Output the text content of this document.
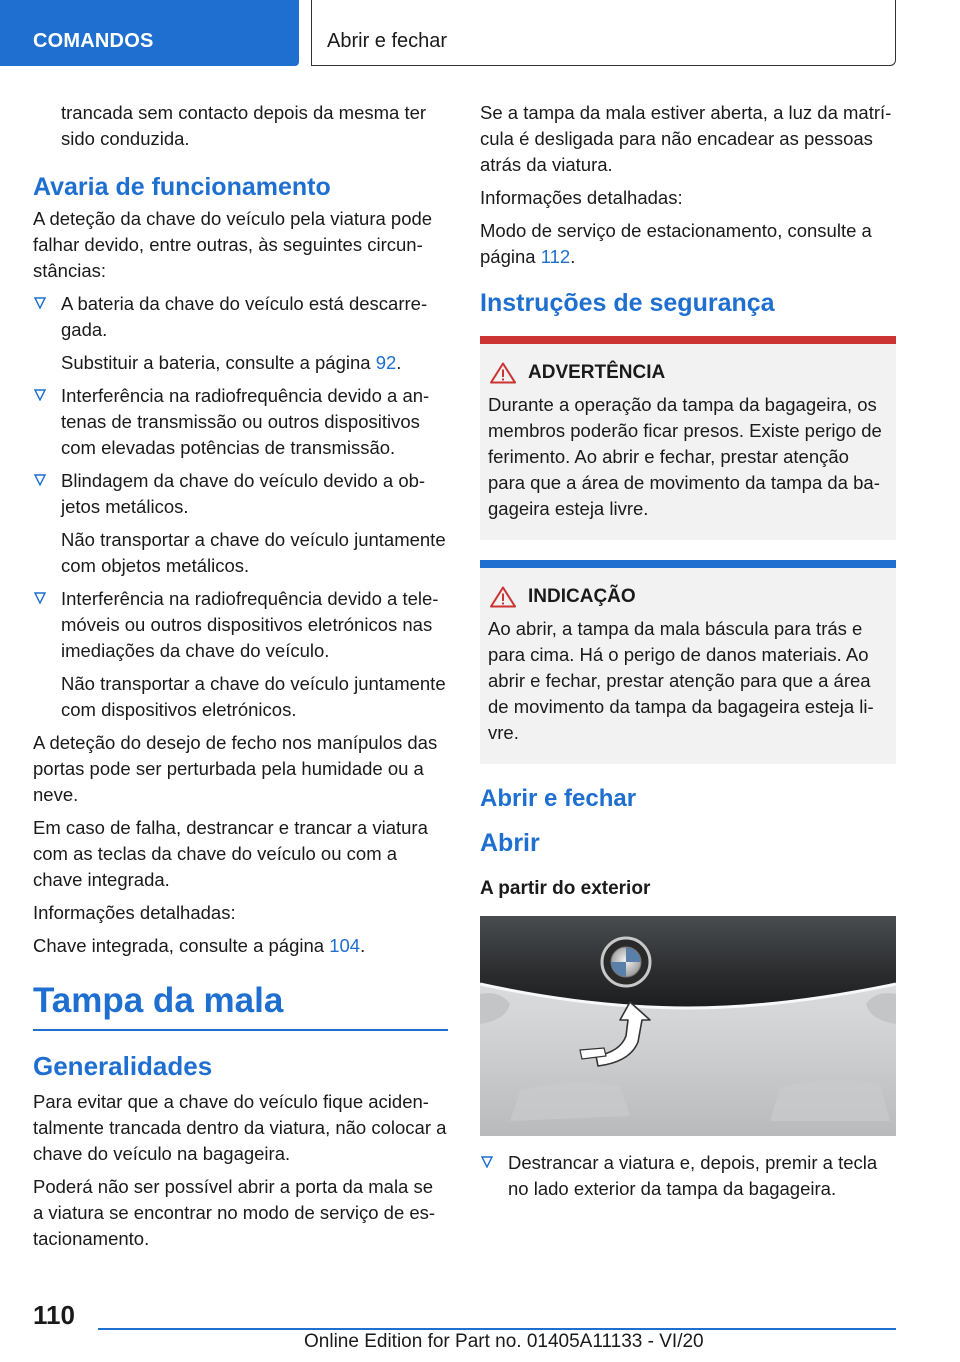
COMANDOS	Abrir e fechar

trancada sem contacto depois da mesma ter sido conduzida.

Avaria de funcionamento

A deteção da chave do veículo pela viatura pode falhar devido, entre outras, às seguintes circunstâncias:

A bateria da chave do veículo está descarregada.

Substituir a bateria, consulte a página 92.

Interferência na radiofrequência devido a antenas de transmissão ou outros dispositivos com elevadas potências de transmissão.

Blindagem da chave do veículo devido a objetos metálicos.

Não transportar a chave do veículo juntamente com objetos metálicos.

Interferência na radiofrequência devido a telemóveis ou outros dispositivos eletrónicos nas imediações da chave do veículo.

Não transportar a chave do veículo juntamente com dispositivos eletrónicos.

A deteção do desejo de fecho nos manípulos das portas pode ser perturbada pela humidade ou a neve.

Em caso de falha, destrancar e trancar a viatura com as teclas da chave do veículo ou com a chave integrada.

Informações detalhadas:

Chave integrada, consulte a página 104.

Tampa da mala
Generalidades

Para evitar que a chave do veículo fique acidentalmente trancada dentro da viatura, não colocar a chave do veículo na bagageira.

Poderá não ser possível abrir a porta da mala se a viatura se encontrar no modo de serviço de estacionamento.

Se a tampa da mala estiver aberta, a luz da matrícula é desligada para não encadear as pessoas atrás da viatura.

Informações detalhadas:

Modo de serviço de estacionamento, consulte a página 112.

Instruções de segurança
ADVERTÊNCIA

Durante a operação da tampa da bagageira, os membros poderão ficar presos. Existe perigo de ferimento. Ao abrir e fechar, prestar atenção para que a área de movimento da tampa da bagageira esteja livre.

INDICAÇÃO

Ao abrir, a tampa da mala báscula para trás e para cima. Há o perigo de danos materiais. Ao abrir e fechar, prestar atenção para que a área de movimento da tampa da bagageira esteja livre.

Abrir e fechar
Abrir
A partir do exterior

Destrancar a viatura e, depois, premir a tecla no lado exterior da tampa da bagageira.

110
Online Edition for Part no. 01405A11133 - VI/20
